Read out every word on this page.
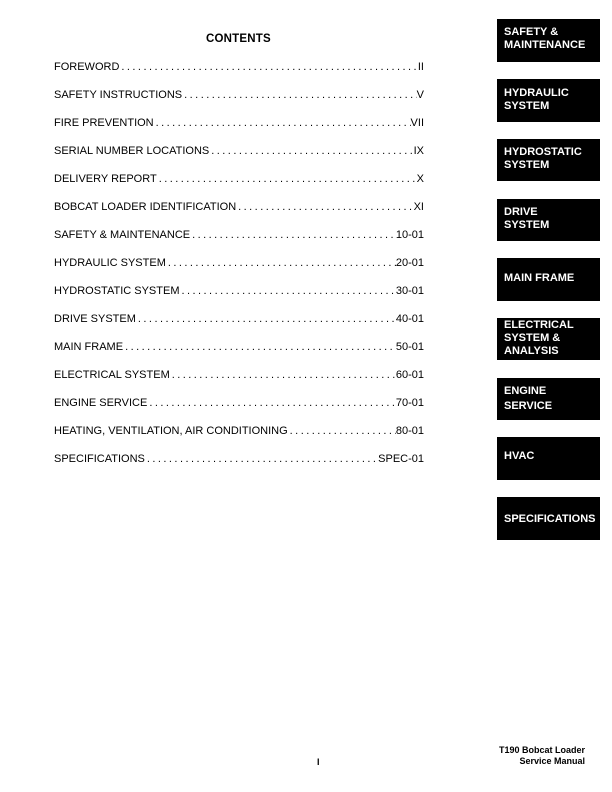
CONTENTS
FOREWORD . . .	II
SAFETY INSTRUCTIONS . . .	V
FIRE PREVENTION . . .	VII
SERIAL NUMBER LOCATIONS . . .	IX
DELIVERY REPORT . . .	X
BOBCAT LOADER IDENTIFICATION . . .	XI
SAFETY & MAINTENANCE . . .	10-01
HYDRAULIC SYSTEM . . .	20-01
HYDROSTATIC SYSTEM . . .	30-01
DRIVE SYSTEM . . .	40-01
MAIN FRAME . . .	50-01
ELECTRICAL SYSTEM . . .	60-01
ENGINE SERVICE . . .	70-01
HEATING, VENTILATION, AIR CONDITIONING . . .	80-01
SPECIFICATIONS . . .	SPEC-01
SAFETY &
MAINTENANCE
HYDRAULIC
SYSTEM
HYDROSTATIC
SYSTEM
DRIVE
SYSTEM
MAIN FRAME
ELECTRICAL
SYSTEM &
ANALYSIS
ENGINE
SERVICE
HVAC
SPECIFICATIONS
I
T190 Bobcat Loader
Service Manual
